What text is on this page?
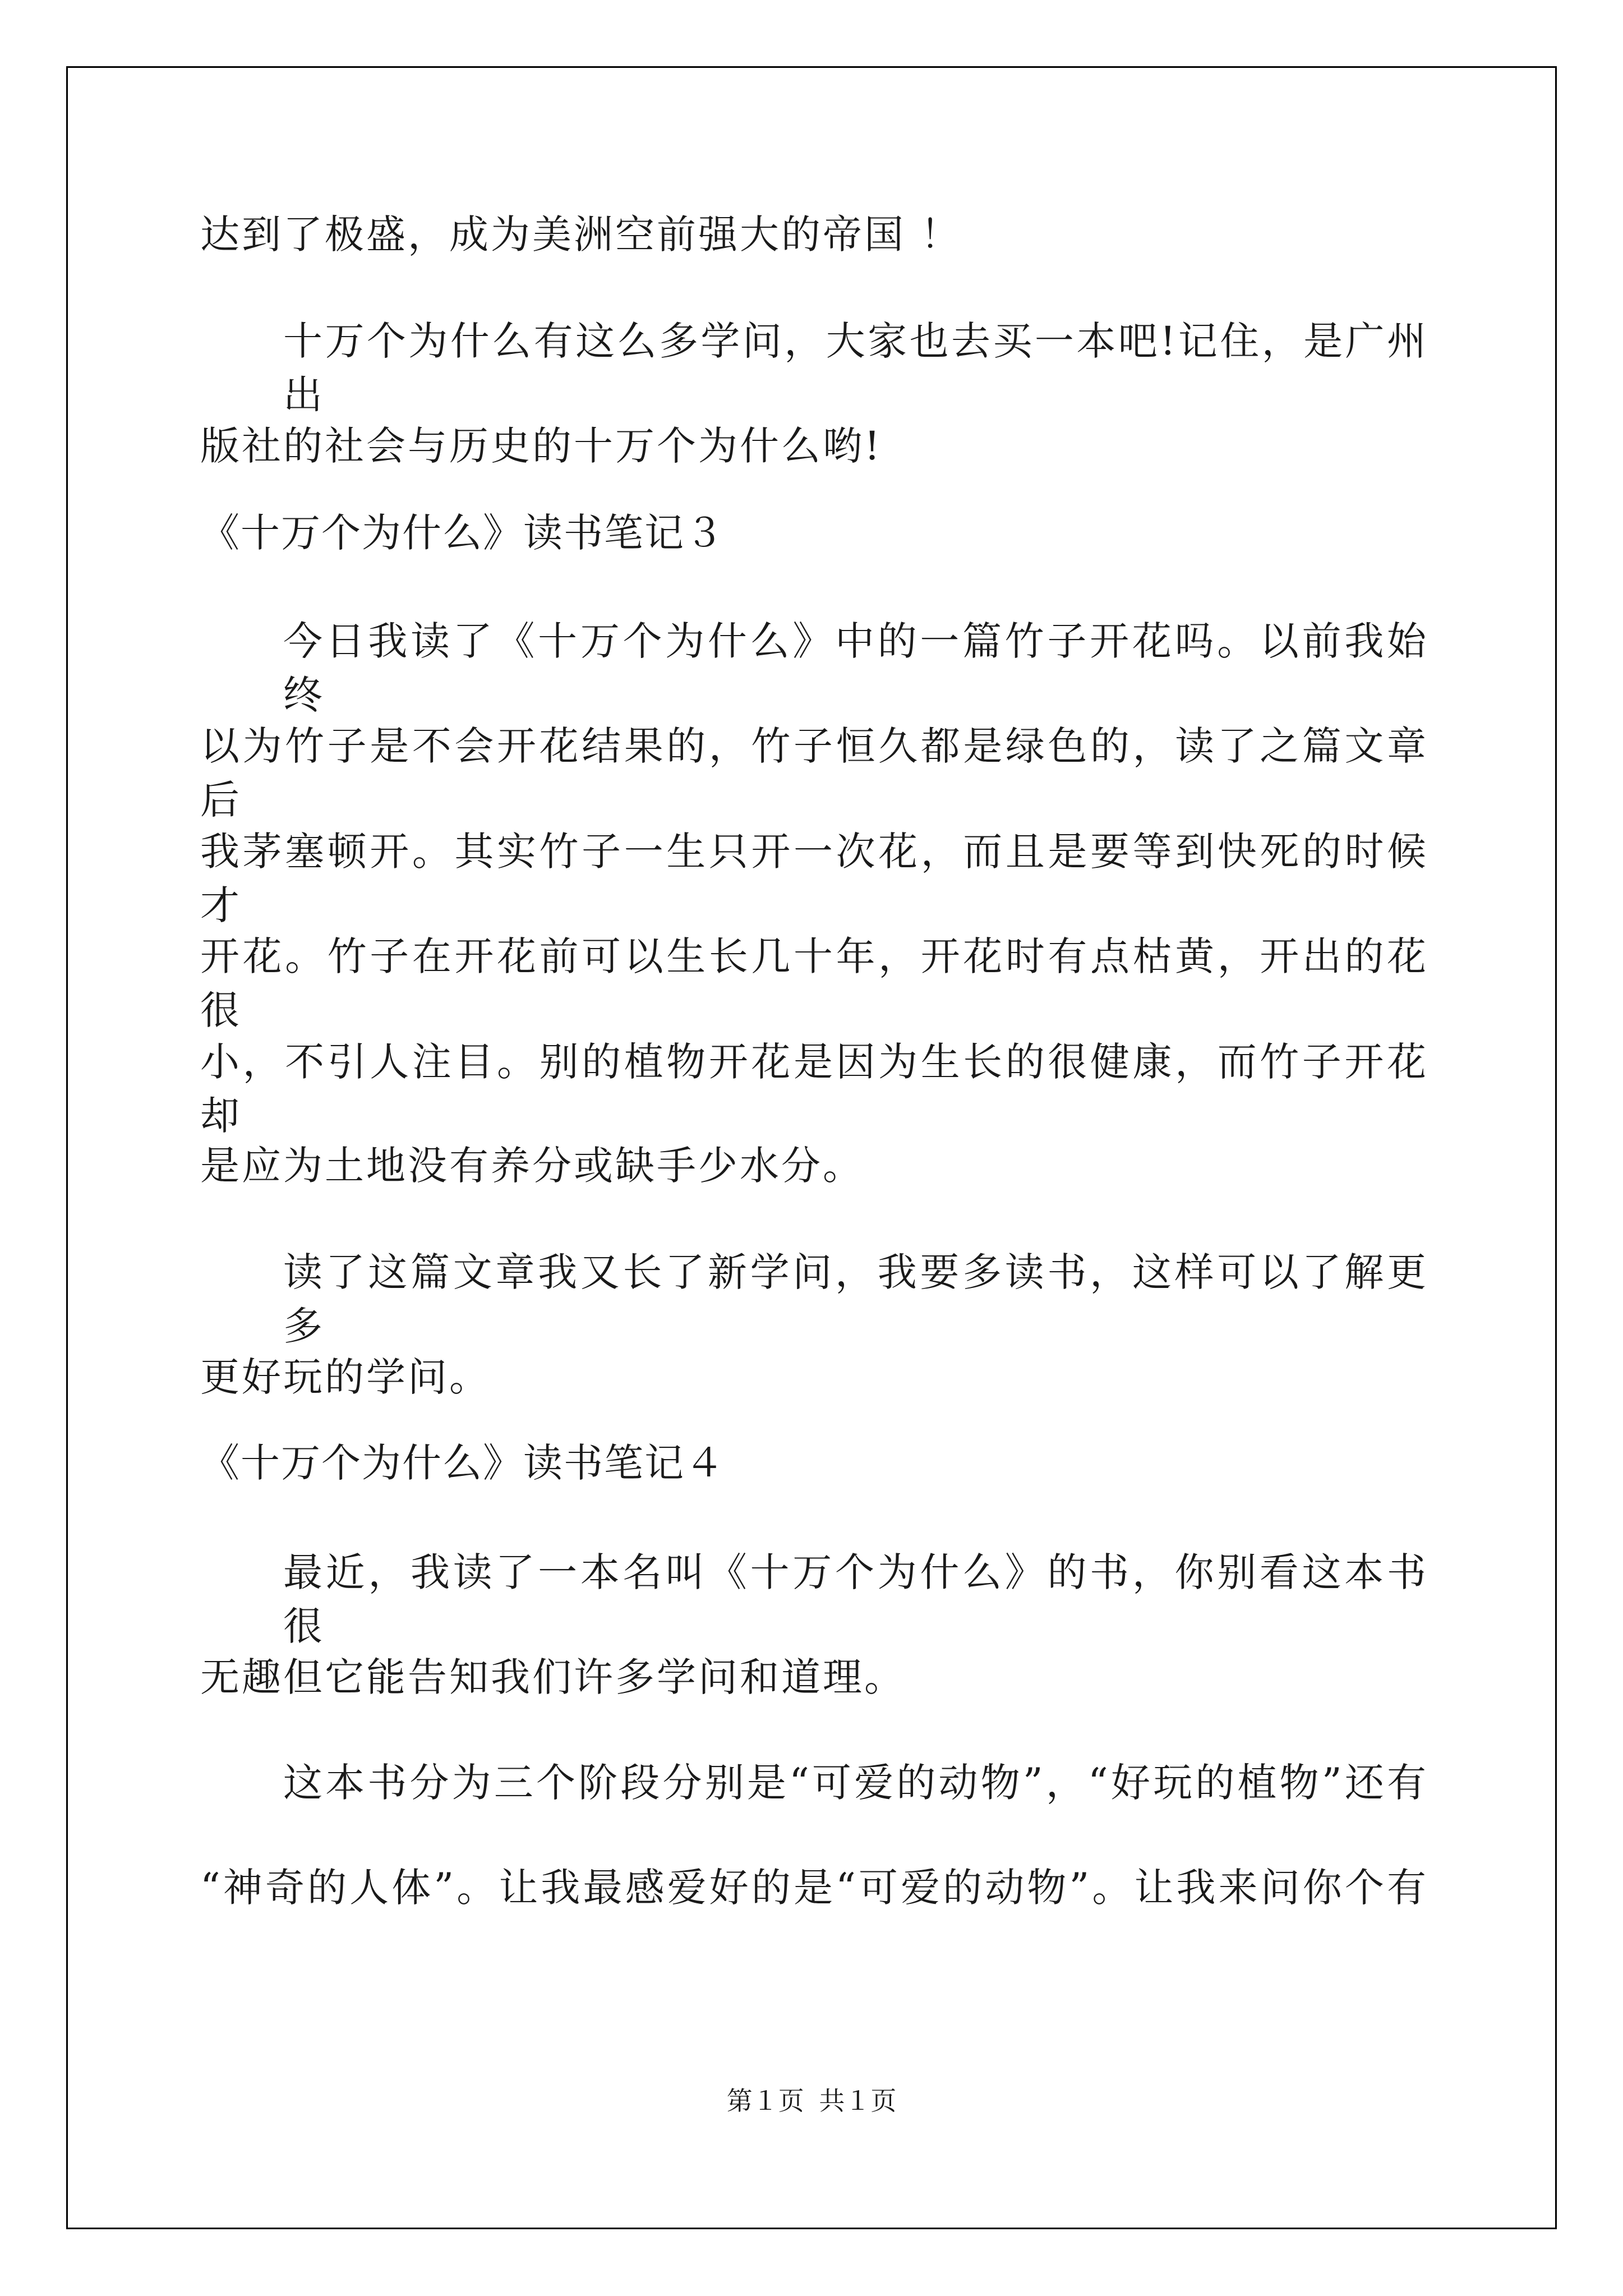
达到了极盛，成为美洲空前强大的帝国 ！
十万个为什么有这么多学问，大家也去买一本吧!记住，是广州出
版社的社会与历史的十万个为什么哟!
《十万个为什么》读书笔记３
今日我读了《十万个为什么》中的一篇竹子开花吗。以前我始终
以为竹子是不会开花结果的，竹子恒久都是绿色的，读了之篇文章后
我茅塞顿开。其实竹子一生只开一次花，而且是要等到快死的时候才
开花。竹子在开花前可以生长几十年，开花时有点枯黄，开出的花很
小，不引人注目。别的植物开花是因为生长的很健康，而竹子开花却
是应为土地没有养分或缺手少水分。
读了这篇文章我又长了新学问，我要多读书，这样可以了解更多
更好玩的学问。
《十万个为什么》读书笔记４
最近，我读了一本名叫《十万个为什么》的书，你别看这本书很
无趣但它能告知我们许多学问和道理。
这本书分为三个阶段分别是“可爱的动物”，“好玩的植物”还有
“神奇的人体”。让我最感爱好的是“可爱的动物”。让我来问你个有
第１页 共１页
